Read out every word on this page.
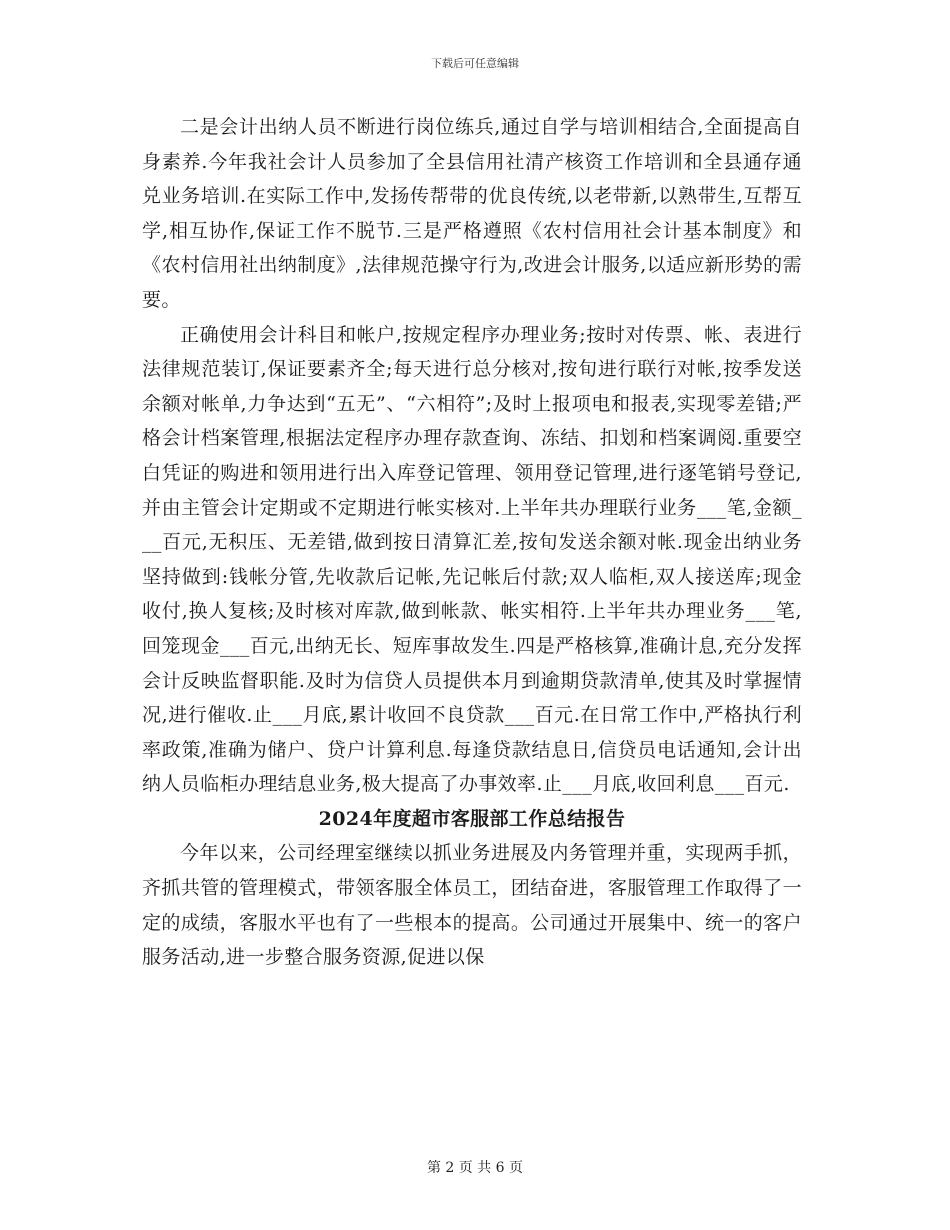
下载后可任意编辑

二是会计出纳人员不断进行岗位练兵,通过自学与培训相结合,全面提高自身素养.今年我社会计人员参加了全县信用社清产核资工作培训和全县通存通兑业务培训.在实际工作中,发扬传帮带的优良传统,以老带新,以熟带生,互帮互学,相互协作,保证工作不脱节.三是严格遵照《农村信用社会计基本制度》和《农村信用社出纳制度》,法律规范操守行为,改进会计服务,以适应新形势的需要。

正确使用会计科目和帐户,按规定程序办理业务;按时对传票、帐、表进行法律规范装订,保证要素齐全;每天进行总分核对,按旬进行联行对帐,按季发送余额对帐单,力争达到“五无”、“六相符”;及时上报项电和报表,实现零差错;严格会计档案管理,根据法定程序办理存款查询、冻结、扣划和档案调阅.重要空白凭证的购进和领用进行出入库登记管理、领用登记管理,进行逐笔销号登记,并由主管会计定期或不定期进行帐实核对.上半年共办理联行业务___笔,金额___百元,无积压、无差错,做到按日清算汇差,按旬发送余额对帐.现金出纳业务坚持做到:钱帐分管,先收款后记帐,先记帐后付款;双人临柜,双人接送库;现金收付,换人复核;及时核对库款,做到帐款、帐实相符.上半年共办理业务___笔,回笼现金___百元,出纳无长、短库事故发生.四是严格核算,准确计息,充分发挥会计反映监督职能.及时为信贷人员提供本月到逾期贷款清单,使其及时掌握情况,进行催收.止___月底,累计收回不良贷款___百元.在日常工作中,严格执行利率政策,准确为储户、贷户计算利息.每逢贷款结息日,信贷员电话通知,会计出纳人员临柜办理结息业务,极大提高了办事效率.止___月底,收回利息___百元.

2024年度超市客服部工作总结报告

今年以来，公司经理室继续以抓业务进展及内务管理并重，实现两手抓，齐抓共管的管理模式，带领客服全体员工，团结奋进，客服管理工作取得了一定的成绩，客服水平也有了一些根本的提高。公司通过开展集中、统一的客户服务活动,进一步整合服务资源,促进以保

第 2 页 共 6 页
